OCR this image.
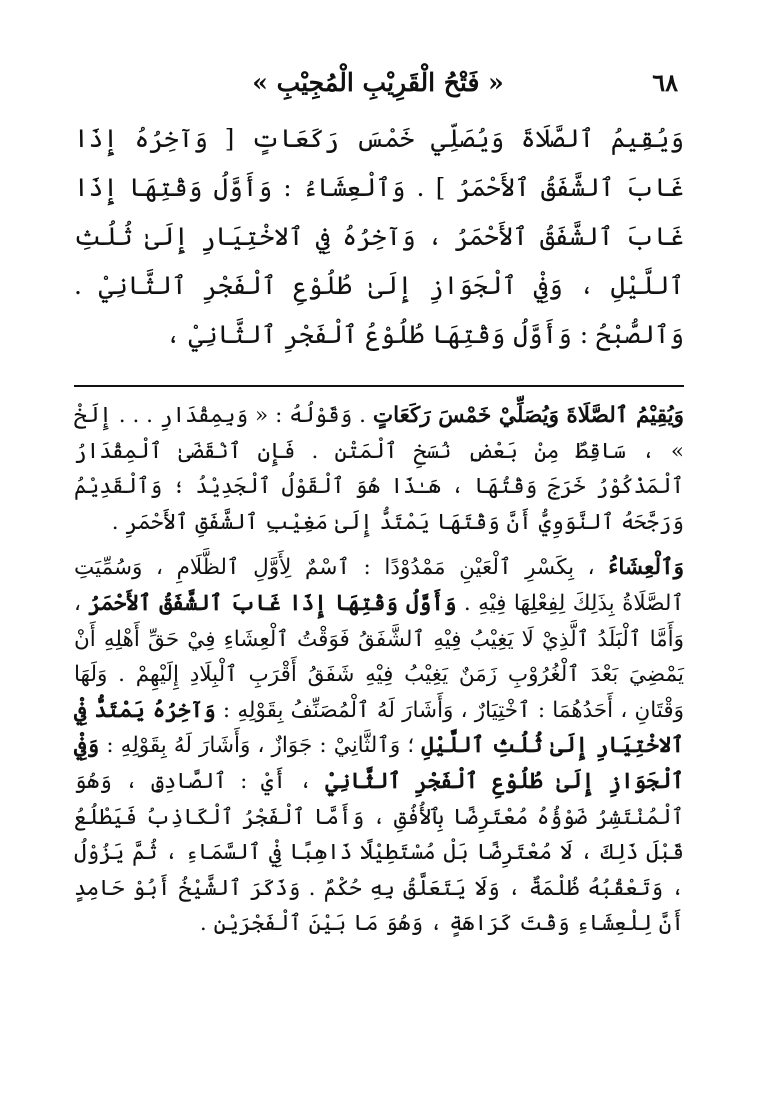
٦٨
« فَتْحُ الْقَرِيْبِ الْمُجِيْبِ »

وَيُقِيمُ ٱلصَّلَاةَ وَيُصَلِّي خَمْسَ رَكَعَاتٍ [ وَآخِرُهُ إِذَا غَابَ ٱلشَّفَقُ ٱلأَحْمَرُ ] . وَٱلْعِشَاءُ : وَأَوَّلُ وَقْتِهَا إِذَا غَابَ ٱلشَّفَقُ ٱلأَحْمَرُ ، وَآخِرُهُ فِي ٱلاخْتِيَارِ إِلَىٰ ثُلُثِ ٱللَّيْلِ ، وَفِيْ ٱلْجَوَازِ إِلَىٰ طُلُوْعِ ٱلْفَجْرِ ٱلثَّانِيْ . وَٱلصُّبْحُ : وَأَوَّلُ وَقْتِهَا طُلُوْعُ ٱلْفَجْرِ ٱلثَّانِيْ ،

وَيُقِيْمُ ٱلصَّلَاةَ وَيُصَلِّيْ خَمْسَ رَكَعَاتٍ . وَقَوْلُهُ : « وَبِمِقْدَارِ . . . إِلَخْ » ، سَاقِطٌ مِنْ بَعْضِ نُسَخِ ٱلْمَتْنِ . فَإِنِ ٱنْقَضَىٰ ٱلْمِقْدَارُ ٱلْمَذْكُوْرُ خَرَجَ وَقْتُهَا ، هَـٰذَا هُوَ ٱلْقَوْلُ ٱلْجَدِيْدُ ؛ وَٱلْقَدِيْمُ وَرَجَّحَهُ ٱلنَّوَوِيُّ أَنَّ وَقْتَهَا يَمْتَدُّ إِلَىٰ مَغِيْبِ ٱلشَّفَقِ ٱلأَحْمَرِ .

وَٱلْعِشَاءُ ، بِكَسْرِ ٱلْعَيْنِ مَمْدُوْدًا : ٱسْمٌ لِأَوَّلِ ٱلظَّلَامِ ، وَسُمِّيَتِ ٱلصَّلَاةُ بِذَلِكَ لِفِعْلِهَا فِيْهِ . وَأَوَّلُ وَقْتِهَا إِذَا غَابَ ٱلشَّفَقُ ٱلأَحْمَرُ ، وَأَمَّا ٱلْبَلَدُ ٱلَّذِيْ لَا يَغِيْبُ فِيْهِ ٱلشَّفَقُ فَوَقْتُ ٱلْعِشَاءِ فِيْ حَقِّ أَهْلِهِ أَنْ يَمْضِيَ بَعْدَ ٱلْغُرُوْبِ زَمَنٌ يَغِيْبُ فِيْهِ شَفَقُ أَقْرَبِ ٱلْبِلَادِ إِلَيْهِمْ . وَلَهَا وَقْتَانِ ، أَحَدُهُمَا : ٱخْتِيَارٌ ، وَأَشَارَ لَهُ ٱلْمُصَنِّفُ بِقَوْلِهِ : وَآخِرُهُ يَمْتَدُّ فِيْ ٱلاخْتِيَارِ إِلَىٰ ثُلُثِ ٱللَّيْلِ ؛ وَٱلثَّانِيْ : جَوَازٌ ، وَأَشَارَ لَهُ بِقَوْلِهِ : وَفِيْ ٱلْجَوَازِ إِلَىٰ طُلُوْعِ ٱلْفَجْرِ ٱلثَّانِيْ ، أَيْ : ٱلصَّادِقِ ، وَهُوَ ٱلْمُنْتَشِرُ ضَوْؤُهُ مُعْتَرِضًا بِٱلأُفُقِ ، وَأَمَّا ٱلْفَجْرُ ٱلْكَاذِبُ فَيَطْلُعُ قَبْلَ ذَلِكَ ، لَا مُعْتَرِضًا بَلْ مُسْتَطِيْلًا ذَاهِبًا فِيْ ٱلسَّمَاءِ ، ثُمَّ يَزُوْلُ ، وَتَعْقُبُهُ ظُلْمَةٌ ، وَلَا يَتَعَلَّقُ بِهِ حُكْمٌ . وَذَكَرَ ٱلشَّيْخُ أَبُوْ حَامِدٍ أَنَّ لِلْعِشَاءِ وَقْتَ كَرَاهَةٍ ، وَهُوَ مَا بَيْنَ ٱلْفَجْرَيْنِ .
